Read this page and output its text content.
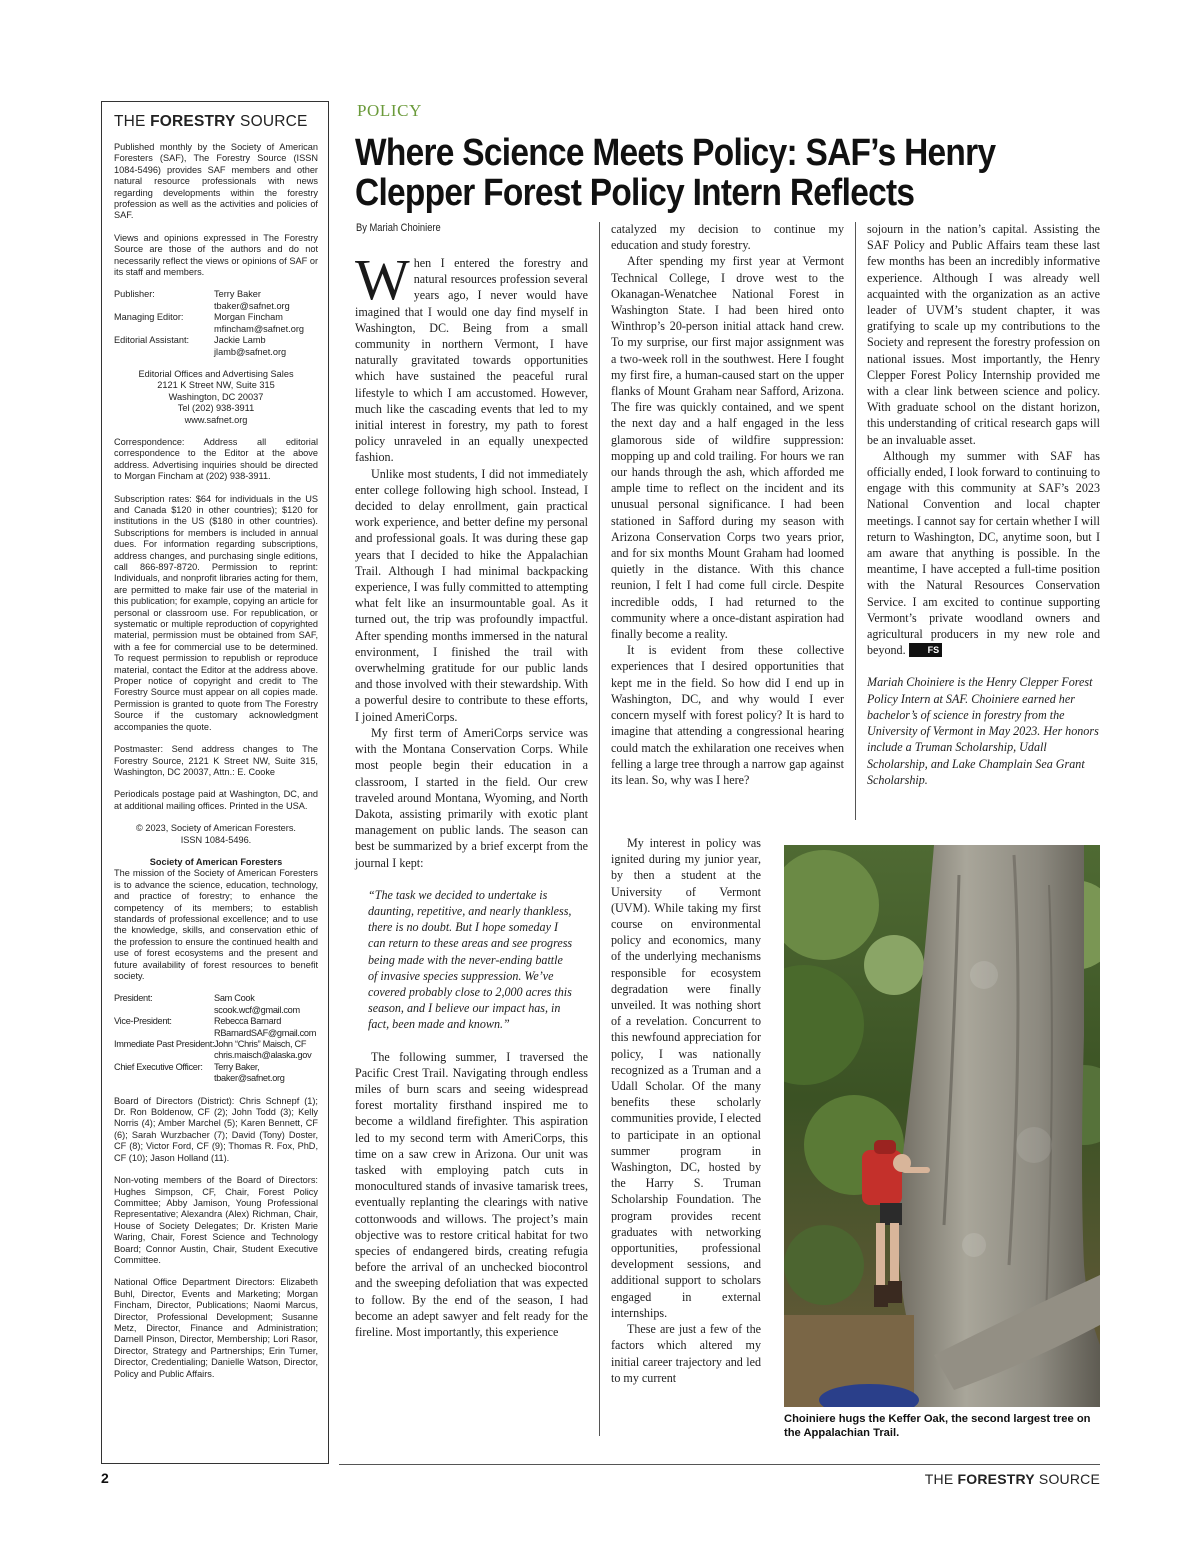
THE FORESTRY SOURCE

Published monthly by the Society of American Foresters (SAF), The Forestry Source (ISSN 1084-5496) provides SAF members and other natural resource professionals with news regarding developments within the forestry profession as well as the activities and policies of SAF.

Views and opinions expressed in The Forestry Source are those of the authors and do not necessarily reflect the views or opinions of SAF or its staff and members.

Publisher:	Terry Baker
tbaker@safnet.org
Managing Editor:	Morgan Fincham
mfincham@safnet.org
Editorial Assistant:	Jackie Lamb
jlamb@safnet.org
Editorial Offices and Advertising Sales
2121 K Street NW, Suite 315
Washington, DC 20037
Tel (202) 938-3911
www.safnet.org

Correspondence: Address all editorial correspondence to the Editor at the above address. Advertising inquiries should be directed to Morgan Fincham at (202) 938-3911.

Subscription rates: $64 for individuals in the US and Canada $120 in other countries); $120 for institutions in the US ($180 in other countries). Subscriptions for members is included in annual dues. For information regarding subscriptions, address changes, and purchasing single editions, call 866-897-8720. Permission to reprint: Individuals, and nonprofit libraries acting for them, are permitted to make fair use of the material in this publication; for example, copying an article for personal or classroom use. For republication, or systematic or multiple reproduction of copyrighted material, permission must be obtained from SAF, with a fee for commercial use to be determined. To request permission to republish or reproduce material, contact the Editor at the address above. Proper notice of copyright and credit to The Forestry Source must appear on all copies made. Permission is granted to quote from The Forestry Source if the customary acknowledgment accompanies the quote.

Postmaster: Send address changes to The Forestry Source, 2121 K Street NW, Suite 315, Washington, DC 20037, Attn.: E. Cooke

Periodicals postage paid at Washington, DC, and at additional mailing offices. Printed in the USA.

© 2023, Society of American Foresters.
ISSN 1084-5496.
Society of American Foresters

The mission of the Society of American Foresters is to advance the science, education, technology, and practice of forestry; to enhance the competency of its members; to establish standards of professional excellence; and to use the knowledge, skills, and conservation ethic of the profession to ensure the continued health and use of forest ecosystems and the present and future availability of forest resources to benefit society.

President:	Sam Cook
scook.wcf@gmail.com
Vice-President:	Rebecca Barnard
RBarnardSAF@gmail.com
Immediate Past President: John “Chris” Maisch, CF
chris.maisch@alaska.gov
Chief Executive Officer:	Terry Baker,
tbaker@safnet.org

Board of Directors (District): Chris Schnepf (1); Dr. Ron Boldenow, CF (2); John Todd (3); Kelly Norris (4); Amber Marchel (5); Karen Bennett, CF (6); Sarah Wurzbacher (7); David (Tony) Doster, CF (8); Victor Ford, CF (9); Thomas R. Fox, PhD, CF (10); Jason Holland (11).

Non-voting members of the Board of Directors: Hughes Simpson, CF, Chair, Forest Policy Committee; Abby Jamison, Young Professional Representative; Alexandra (Alex) Richman, Chair, House of Society Delegates; Dr. Kristen Marie Waring, Chair, Forest Science and Technology Board; Connor Austin, Chair, Student Executive Committee.

National Office Department Directors: Elizabeth Buhl, Director, Events and Marketing; Morgan Fincham, Director, Publications; Naomi Marcus, Director, Professional Development; Susanne Metz, Director, Finance and Administration; Darnell Pinson, Director, Membership; Lori Rasor, Director, Strategy and Partnerships; Erin Turner, Director, Credentialing; Danielle Watson, Director, Policy and Public Affairs.

POLICY
Where Science Meets Policy: SAF’s Henry Clepper Forest Policy Intern Reflects
By Mariah Choiniere

When I entered the forestry and natural resources profession several years ago, I never would have imagined that I would one day find myself in Washington, DC. Being from a small community in northern Vermont, I have naturally gravitated towards opportunities which have sustained the peaceful rural lifestyle to which I am accustomed. However, much like the cascading events that led to my initial interest in forestry, my path to forest policy unraveled in an equally unexpected fashion.

Unlike most students, I did not immediately enter college following high school. Instead, I decided to delay enrollment, gain practical work experience, and better define my personal and professional goals. It was during these gap years that I decided to hike the Appalachian Trail. Although I had minimal backpacking experience, I was fully committed to attempting what felt like an insurmountable goal. As it turned out, the trip was profoundly impactful. After spending months immersed in the natural environment, I finished the trail with overwhelming gratitude for our public lands and those involved with their stewardship. With a powerful desire to contribute to these efforts, I joined AmeriCorps.

My first term of AmeriCorps service was with the Montana Conservation Corps. While most people begin their education in a classroom, I started in the field. Our crew traveled around Montana, Wyoming, and North Dakota, assisting primarily with exotic plant management on public lands. The season can best be summarized by a brief excerpt from the journal I kept:

“The task we decided to undertake is daunting, repetitive, and nearly thankless, there is no doubt. But I hope someday I can return to these areas and see progress being made with the never-ending battle of invasive species suppression. We’ve covered probably close to 2,000 acres this season, and I believe our impact has, in fact, been made and known.”

The following summer, I traversed the Pacific Crest Trail. Navigating through endless miles of burn scars and seeing widespread forest mortality firsthand inspired me to become a wildland firefighter. This aspiration led to my second term with AmeriCorps, this time on a saw crew in Arizona. Our unit was tasked with employing patch cuts in monocultured stands of invasive tamarisk trees, eventually replanting the clearings with native cottonwoods and willows. The project’s main objective was to restore critical habitat for two species of endangered birds, creating refugia before the arrival of an unchecked biocontrol and the sweeping defoliation that was expected to follow. By the end of the season, I had become an adept sawyer and felt ready for the fireline. Most importantly, this experience

catalyzed my decision to continue my education and study forestry.

After spending my first year at Vermont Technical College, I drove west to the Okanagan-Wenatchee National Forest in Washington State. I had been hired onto Winthrop’s 20-person initial attack hand crew. To my surprise, our first major assignment was a two-week roll in the southwest. Here I fought my first fire, a human-caused start on the upper flanks of Mount Graham near Safford, Arizona. The fire was quickly contained, and we spent the next day and a half engaged in the less glamorous side of wildfire suppression: mopping up and cold trailing. For hours we ran our hands through the ash, which afforded me ample time to reflect on the incident and its unusual personal significance. I had been stationed in Safford during my season with Arizona Conservation Corps two years prior, and for six months Mount Graham had loomed quietly in the distance. With this chance reunion, I felt I had come full circle. Despite incredible odds, I had returned to the community where a once-distant aspiration had finally become a reality.

It is evident from these collective experiences that I desired opportunities that kept me in the field. So how did I end up in Washington, DC, and why would I ever concern myself with forest policy? It is hard to imagine that attending a congressional hearing could match the exhilaration one receives when felling a large tree through a narrow gap against its lean. So, why was I here?

My interest in policy was ignited during my junior year, by then a student at the University of Vermont (UVM). While taking my first course on environmental policy and economics, many of the underlying mechanisms responsible for ecosystem degradation were finally unveiled. It was nothing short of a revelation. Concurrent to this newfound appreciation for policy, I was nationally recognized as a Truman and a Udall Scholar. Of the many benefits these scholarly communities provide, I elected to participate in an optional summer program in Washington, DC, hosted by the Harry S. Truman Scholarship Foundation. The program provides recent graduates with networking opportunities, professional development sessions, and additional support to scholars engaged in external internships.

These are just a few of the factors which altered my initial career trajectory and led to my current

sojourn in the nation’s capital. Assisting the SAF Policy and Public Affairs team these last few months has been an incredibly informative experience. Although I was already well acquainted with the organization as an active leader of UVM’s student chapter, it was gratifying to scale up my contributions to the Society and represent the forestry profession on national issues. Most importantly, the Henry Clepper Forest Policy Internship provided me with a clear link between science and policy. With graduate school on the distant horizon, this understanding of critical research gaps will be an invaluable asset.

Although my summer with SAF has officially ended, I look forward to continuing to engage with this community at SAF’s 2023 National Convention and local chapter meetings. I cannot say for certain whether I will return to Washington, DC, anytime soon, but I am aware that anything is possible. In the meantime, I have accepted a full-time position with the Natural Resources Conservation Service. I am excited to continue supporting Vermont’s private woodland owners and agricultural producers in my new role and beyond. FS

Mariah Choiniere is the Henry Clepper Forest Policy Intern at SAF. Choiniere earned her bachelor’s of science in forestry from the University of Vermont in May 2023. Her honors include a Truman Scholarship, Udall Scholarship, and Lake Champlain Sea Grant Scholarship.

Choiniere hugs the Keffer Oak, the second largest tree on the Appalachian Trail.
2	THE FORESTRY SOURCE
